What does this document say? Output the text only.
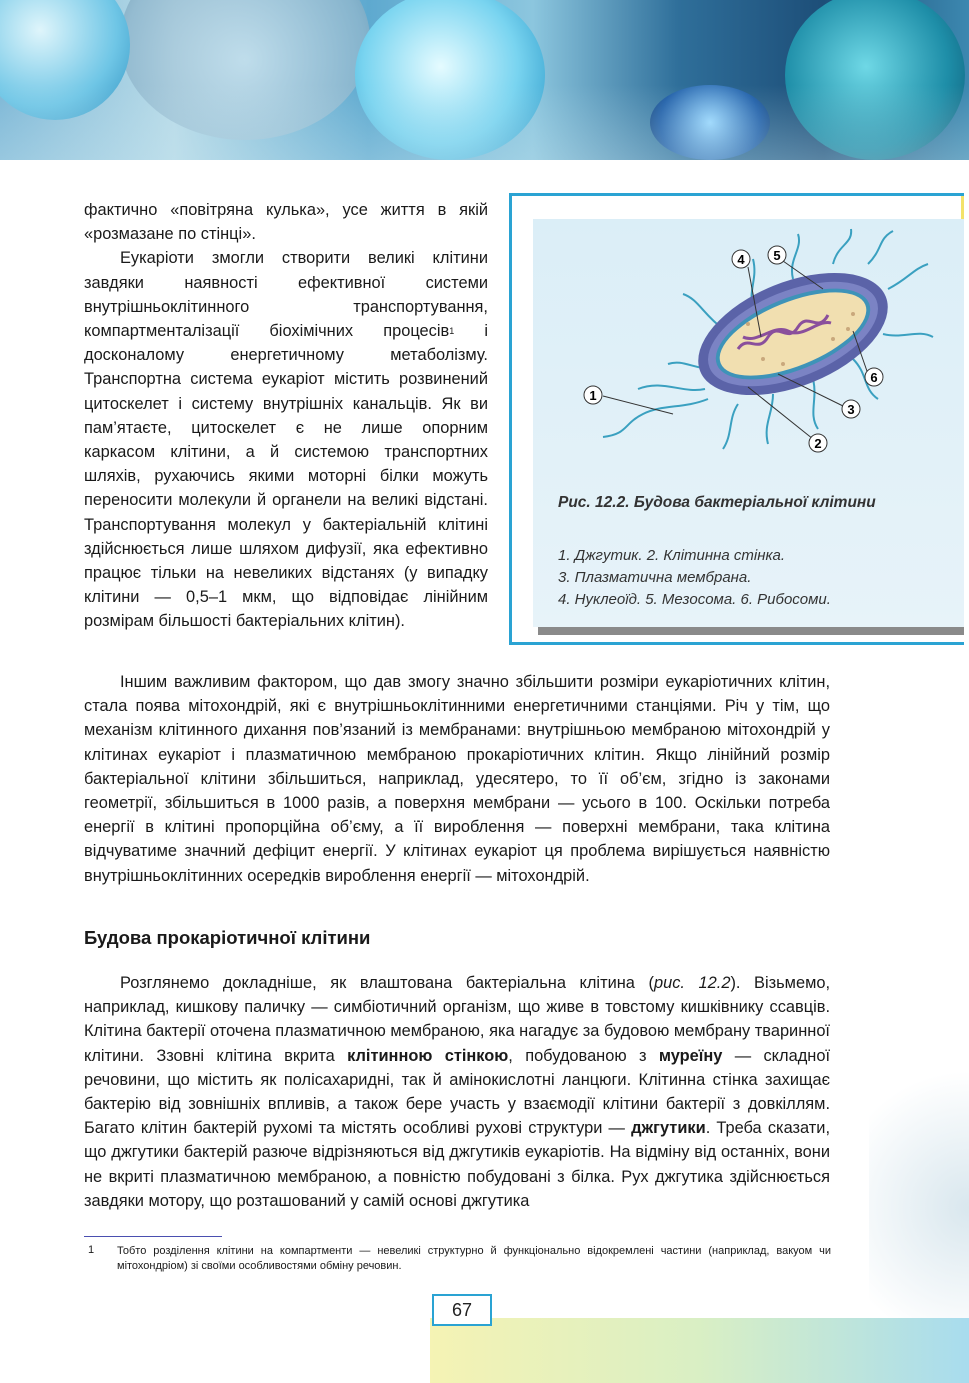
фактично «повітряна кулька», усе життя в якій «розмазане по стінці».

Еукаріоти змогли створити великі клітини завдяки наявності ефективної системи внутрішньоклітинного транспортування, компартменталізації біохімічних процесів$^1$ і досконалому енергетичному метаболізму. Транспортна система еукаріот містить розвинений цитоскелет і систему внутрішніх канальців. Як ви пам’ятаєте, цитоскелет є не лише опорним каркасом клітини, а й системою транспортних шляхів, рухаючись якими моторні білки можуть переносити молекули й органели на великі відстані. Транспортування молекул у бактеріальній клітині здійснюється лише шляхом дифузії, яка ефективно працює тільки на невеликих відстанях (у випадку клітини — 0,5–1 мкм, що відповідає лінійним розмірам більшості бактеріальних клітин).

1
2
3
4 5
6

Рис. 12.2. Будова бактеріальної клітини

1. Джгутик. 2. Клітинна стінка.

3. Плазматична мембрана.

4. Нуклеоїд. 5. Мезосома. 6. Рибосоми.

Іншим важливим фактором, що дав змогу значно збільшити розміри еукаріотичних клітин, стала поява мітохондрій, які є внутрішньоклітинними енергетичними станціями. Річ у тім, що механізм клітинного дихання пов’язаний із мембранами: внутрішньою мембраною мітохондрій у клітинах еукаріот і плазматичною мембраною прокаріотичних клітин. Якщо лінійний розмір бактеріальної клітини збільшиться, наприклад, удесятеро, то її об’єм, згідно із законами геометрії, збільшиться в 1000 разів, а поверхня мембрани — усього в 100. Оскільки потреба енергії в клітині пропорційна об’єму, а її вироблення — поверхні мембрани, така клітина відчуватиме значний дефіцит енергії. У клітинах еукаріот ця проблема вирішується наявністю внутрішньоклітинних осередків вироблення енергії — мітохондрій.

Будова прокаріотичної клітини

Розглянемо докладніше, як влаштована бактеріальна клітина (рис. 12.2). Візьмемо, наприклад, кишкову паличку — симбіотичний організм, що живе в товстому кишківнику ссавців. Клітина бактерії оточена плазматичною мембраною, яка нагадує за будовою мембрану тваринної клітини. Ззовні клітина вкрита клітинною стінкою, побудованою з муреїну — складної речовини, що містить як полісахаридні, так й амінокислотні ланцюги. Клітинна стінка захищає бактерію від зовнішніх впливів, а також бере участь у взаємодії клітини бактерії з довкіллям. Багато клітин бактерій рухомі та містять особливі рухові структури — джгутики. Треба сказати, що джгутики бактерій разюче відрізняються від джгутиків еукаріотів. На відміну від останніх, вони не вкриті плазматичною мембраною, а повністю побудовані з білка. Рух джгутика здійснюється завдяки мотору, що розташований у самій основі джгутика

1 Тобто розділення клітини на компартменти — невеликі структурно й функціонально відокремлені частини (наприклад, вакуом чи мітохондріом) зі своїми особливостями обміну речовин.

67
